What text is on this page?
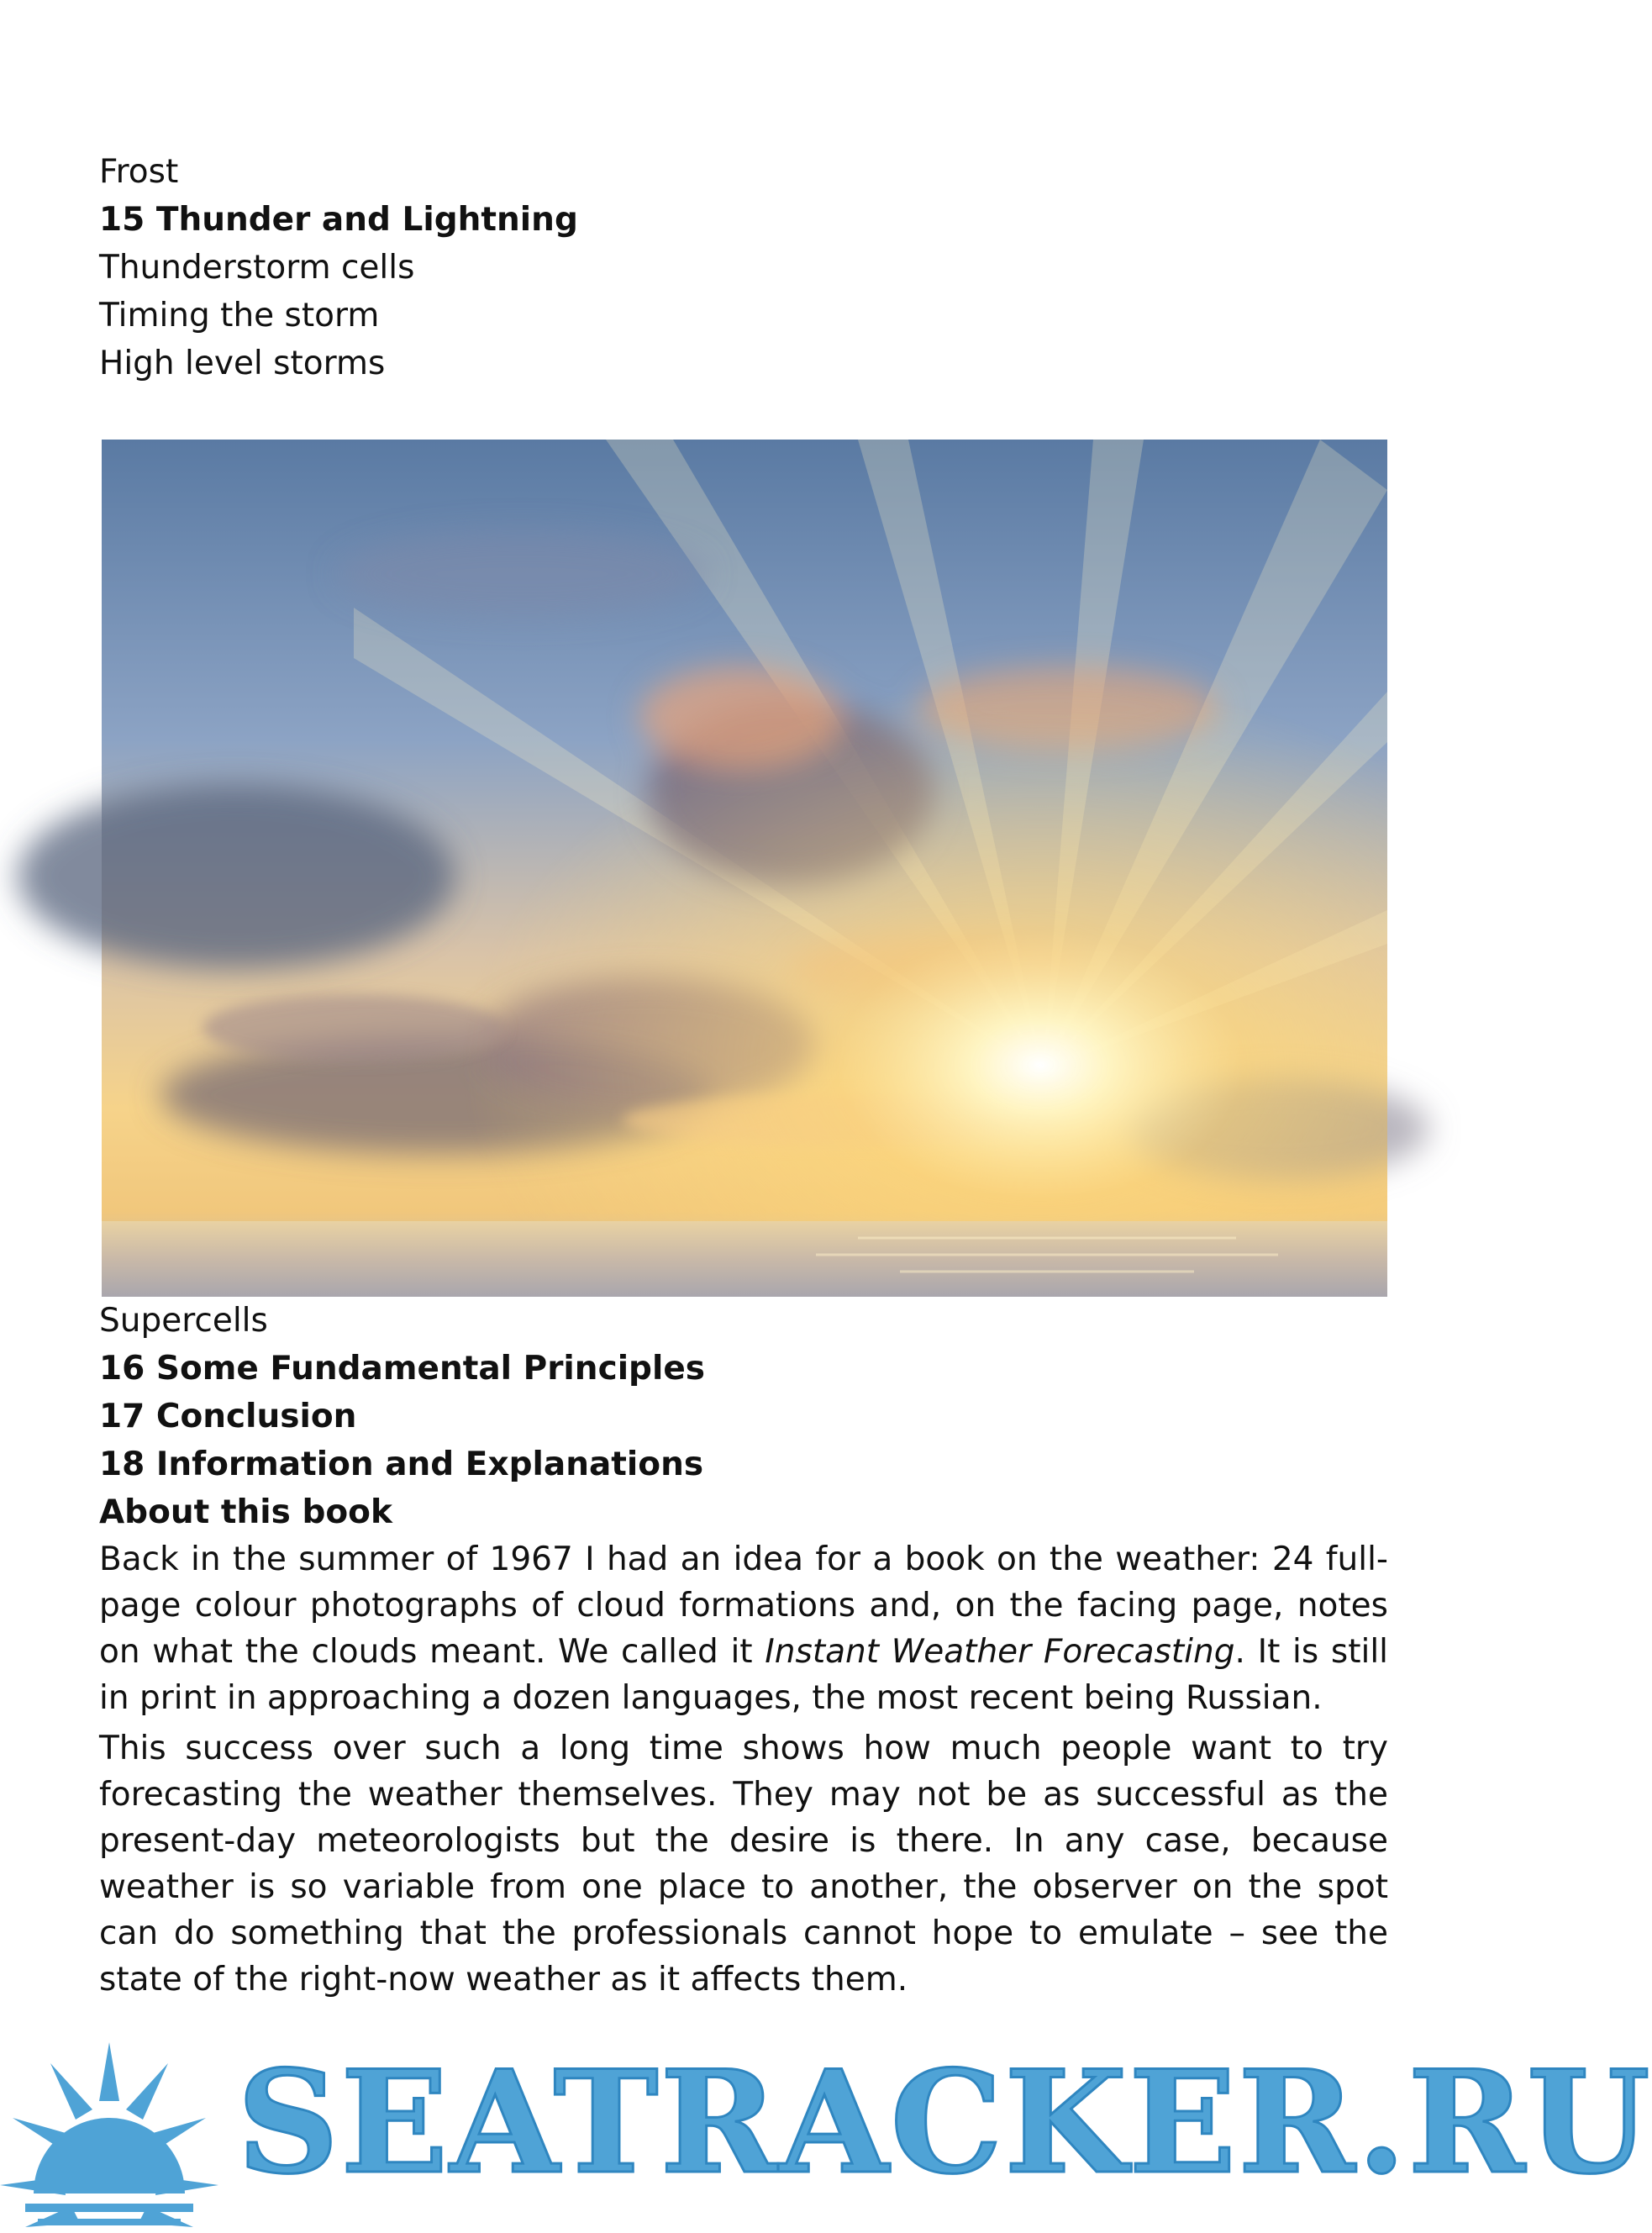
Frost
15 Thunder and Lightning
Thunderstorm cells
Timing the storm
High level storms
Supercells
16 Some Fundamental Principles
17 Conclusion
18 Information and Explanations
About this book

Back in the summer of 1967 I had an idea for a book on the weather: 24 full-page colour photographs of cloud formations and, on the facing page, notes on what the clouds meant. We called it Instant Weather Forecasting. It is still in print in approaching a dozen languages, the most recent being Russian.

This success over such a long time shows how much people want to try forecasting the weather themselves. They may not be as successful as the present-day meteorologists but the desire is there. In any case, because weather is so variable from one place to another, the observer on the spot can do something that the professionals cannot hope to emulate – see the state of the right-now weather as it affects them.

SEATRACKER.RU
